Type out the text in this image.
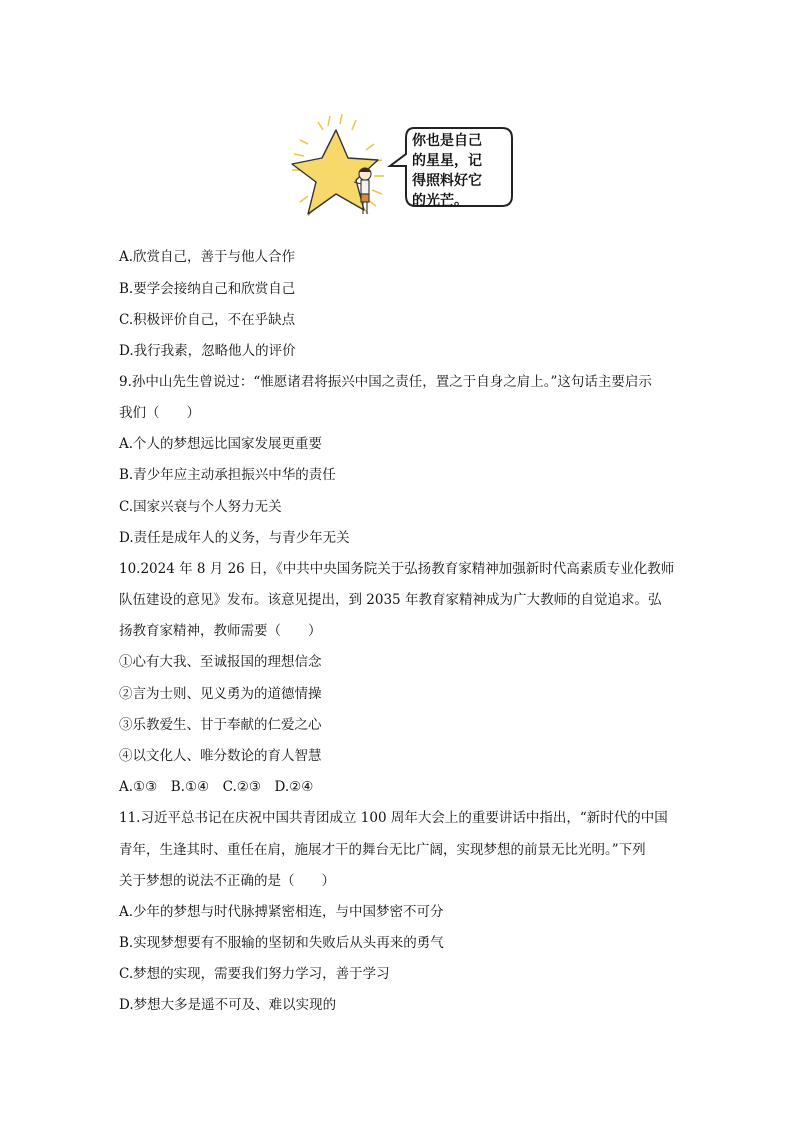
你也是自己
的星星，记
得照料好它
的光芒。
A.欣赏自己，善于与他人合作
B.要学会接纳自己和欣赏自己
C.积极评价自己，不在乎缺点
D.我行我素，忽略他人的评价
9.孙中山先生曾说过：“惟愿诸君将振兴中国之责任，置之于自身之肩上。”这句话主要启示
我们（　　）
A.个人的梦想远比国家发展更重要
B.青少年应主动承担振兴中华的责任
C.国家兴衰与个人努力无关
D.责任是成年人的义务，与青少年无关
10.2024 年 8 月 26 日，《中共中央国务院关于弘扬教育家精神加强新时代高素质专业化教师
队伍建设的意见》发布。该意见提出，到 2035 年教育家精神成为广大教师的自觉追求。弘
扬教育家精神，教师需要（　　）
①心有大我、至诚报国的理想信念
②言为士则、见义勇为的道德情操
③乐教爱生、甘于奉献的仁爱之心
④以文化人、唯分数论的育人智慧
A.①③　B.①④　C.②③　D.②④
11.习近平总书记在庆祝中国共青团成立 100 周年大会上的重要讲话中指出，“新时代的中国
青年，生逢其时、重任在肩，施展才干的舞台无比广阔，实现梦想的前景无比光明。”下列
关于梦想的说法不正确的是（　　）
A.少年的梦想与时代脉搏紧密相连，与中国梦密不可分
B.实现梦想要有不服输的坚韧和失败后从头再来的勇气
C.梦想的实现，需要我们努力学习，善于学习
D.梦想大多是遥不可及、难以实现的
